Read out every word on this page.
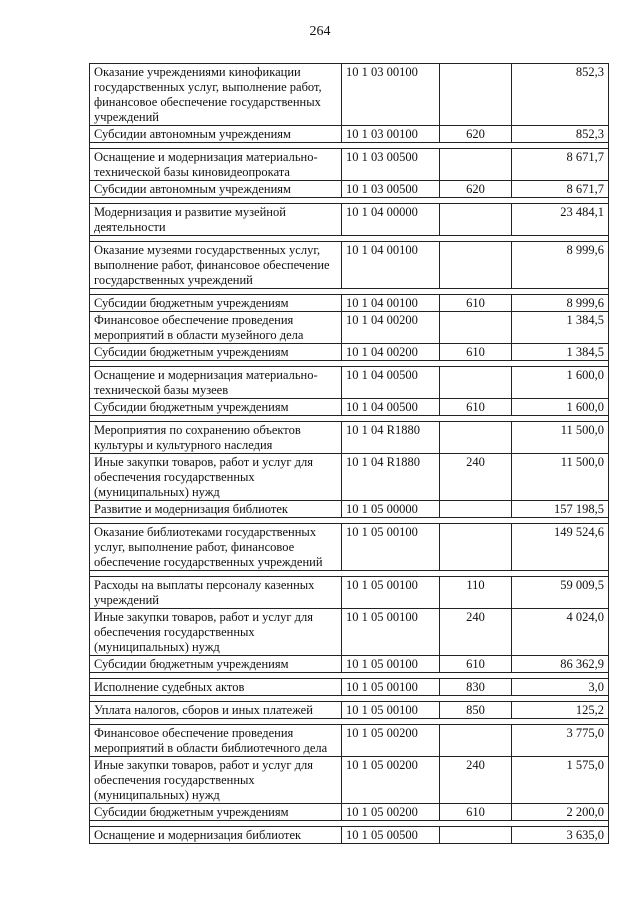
264
Оказание учреждениями кинофикации государственных услуг, выполнение работ, финансовое обеспечение государственных учреждений	10 1 03 00100		852,3
Субсидии автономным учреждениям	10 1 03 00100	620	852,3

Оснащение и модернизация материально-технической базы киновидеопроката	10 1 03 00500		8 671,7
Субсидии автономным учреждениям	10 1 03 00500	620	8 671,7

Модернизация и развитие музейной деятельности	10 1 04 00000		23 484,1

Оказание музеями государственных услуг, выполнение работ, финансовое обеспечение государственных учреждений	10 1 04 00100		8 999,6

Субсидии бюджетным учреждениям	10 1 04 00100	610	8 999,6
Финансовое обеспечение проведения мероприятий в области музейного дела	10 1 04 00200		1 384,5
Субсидии бюджетным учреждениям	10 1 04 00200	610	1 384,5

Оснащение и модернизация материально-технической базы музеев	10 1 04 00500		1 600,0
Субсидии бюджетным учреждениям	10 1 04 00500	610	1 600,0

Мероприятия по сохранению объектов культуры и культурного наследия	10 1 04 R1880		11 500,0
Иные закупки товаров, работ и услуг для обеспечения государственных (муниципальных) нужд	10 1 04 R1880	240	11 500,0
Развитие и модернизация библиотек	10 1 05 00000		157 198,5

Оказание библиотеками государственных услуг, выполнение работ, финансовое обеспечение государственных учреждений	10 1 05 00100		149 524,6

Расходы на выплаты персоналу казенных учреждений	10 1 05 00100	110	59 009,5
Иные закупки товаров, работ и услуг для обеспечения государственных (муниципальных) нужд	10 1 05 00100	240	4 024,0
Субсидии бюджетным учреждениям	10 1 05 00100	610	86 362,9

Исполнение судебных актов	10 1 05 00100	830	3,0

Уплата налогов, сборов и иных платежей	10 1 05 00100	850	125,2

Финансовое обеспечение проведения мероприятий в области библиотечного дела	10 1 05 00200		3 775,0
Иные закупки товаров, работ и услуг для обеспечения государственных (муниципальных) нужд	10 1 05 00200	240	1 575,0
Субсидии бюджетным учреждениям	10 1 05 00200	610	2 200,0

Оснащение и модернизация библиотек	10 1 05 00500		3 635,0
